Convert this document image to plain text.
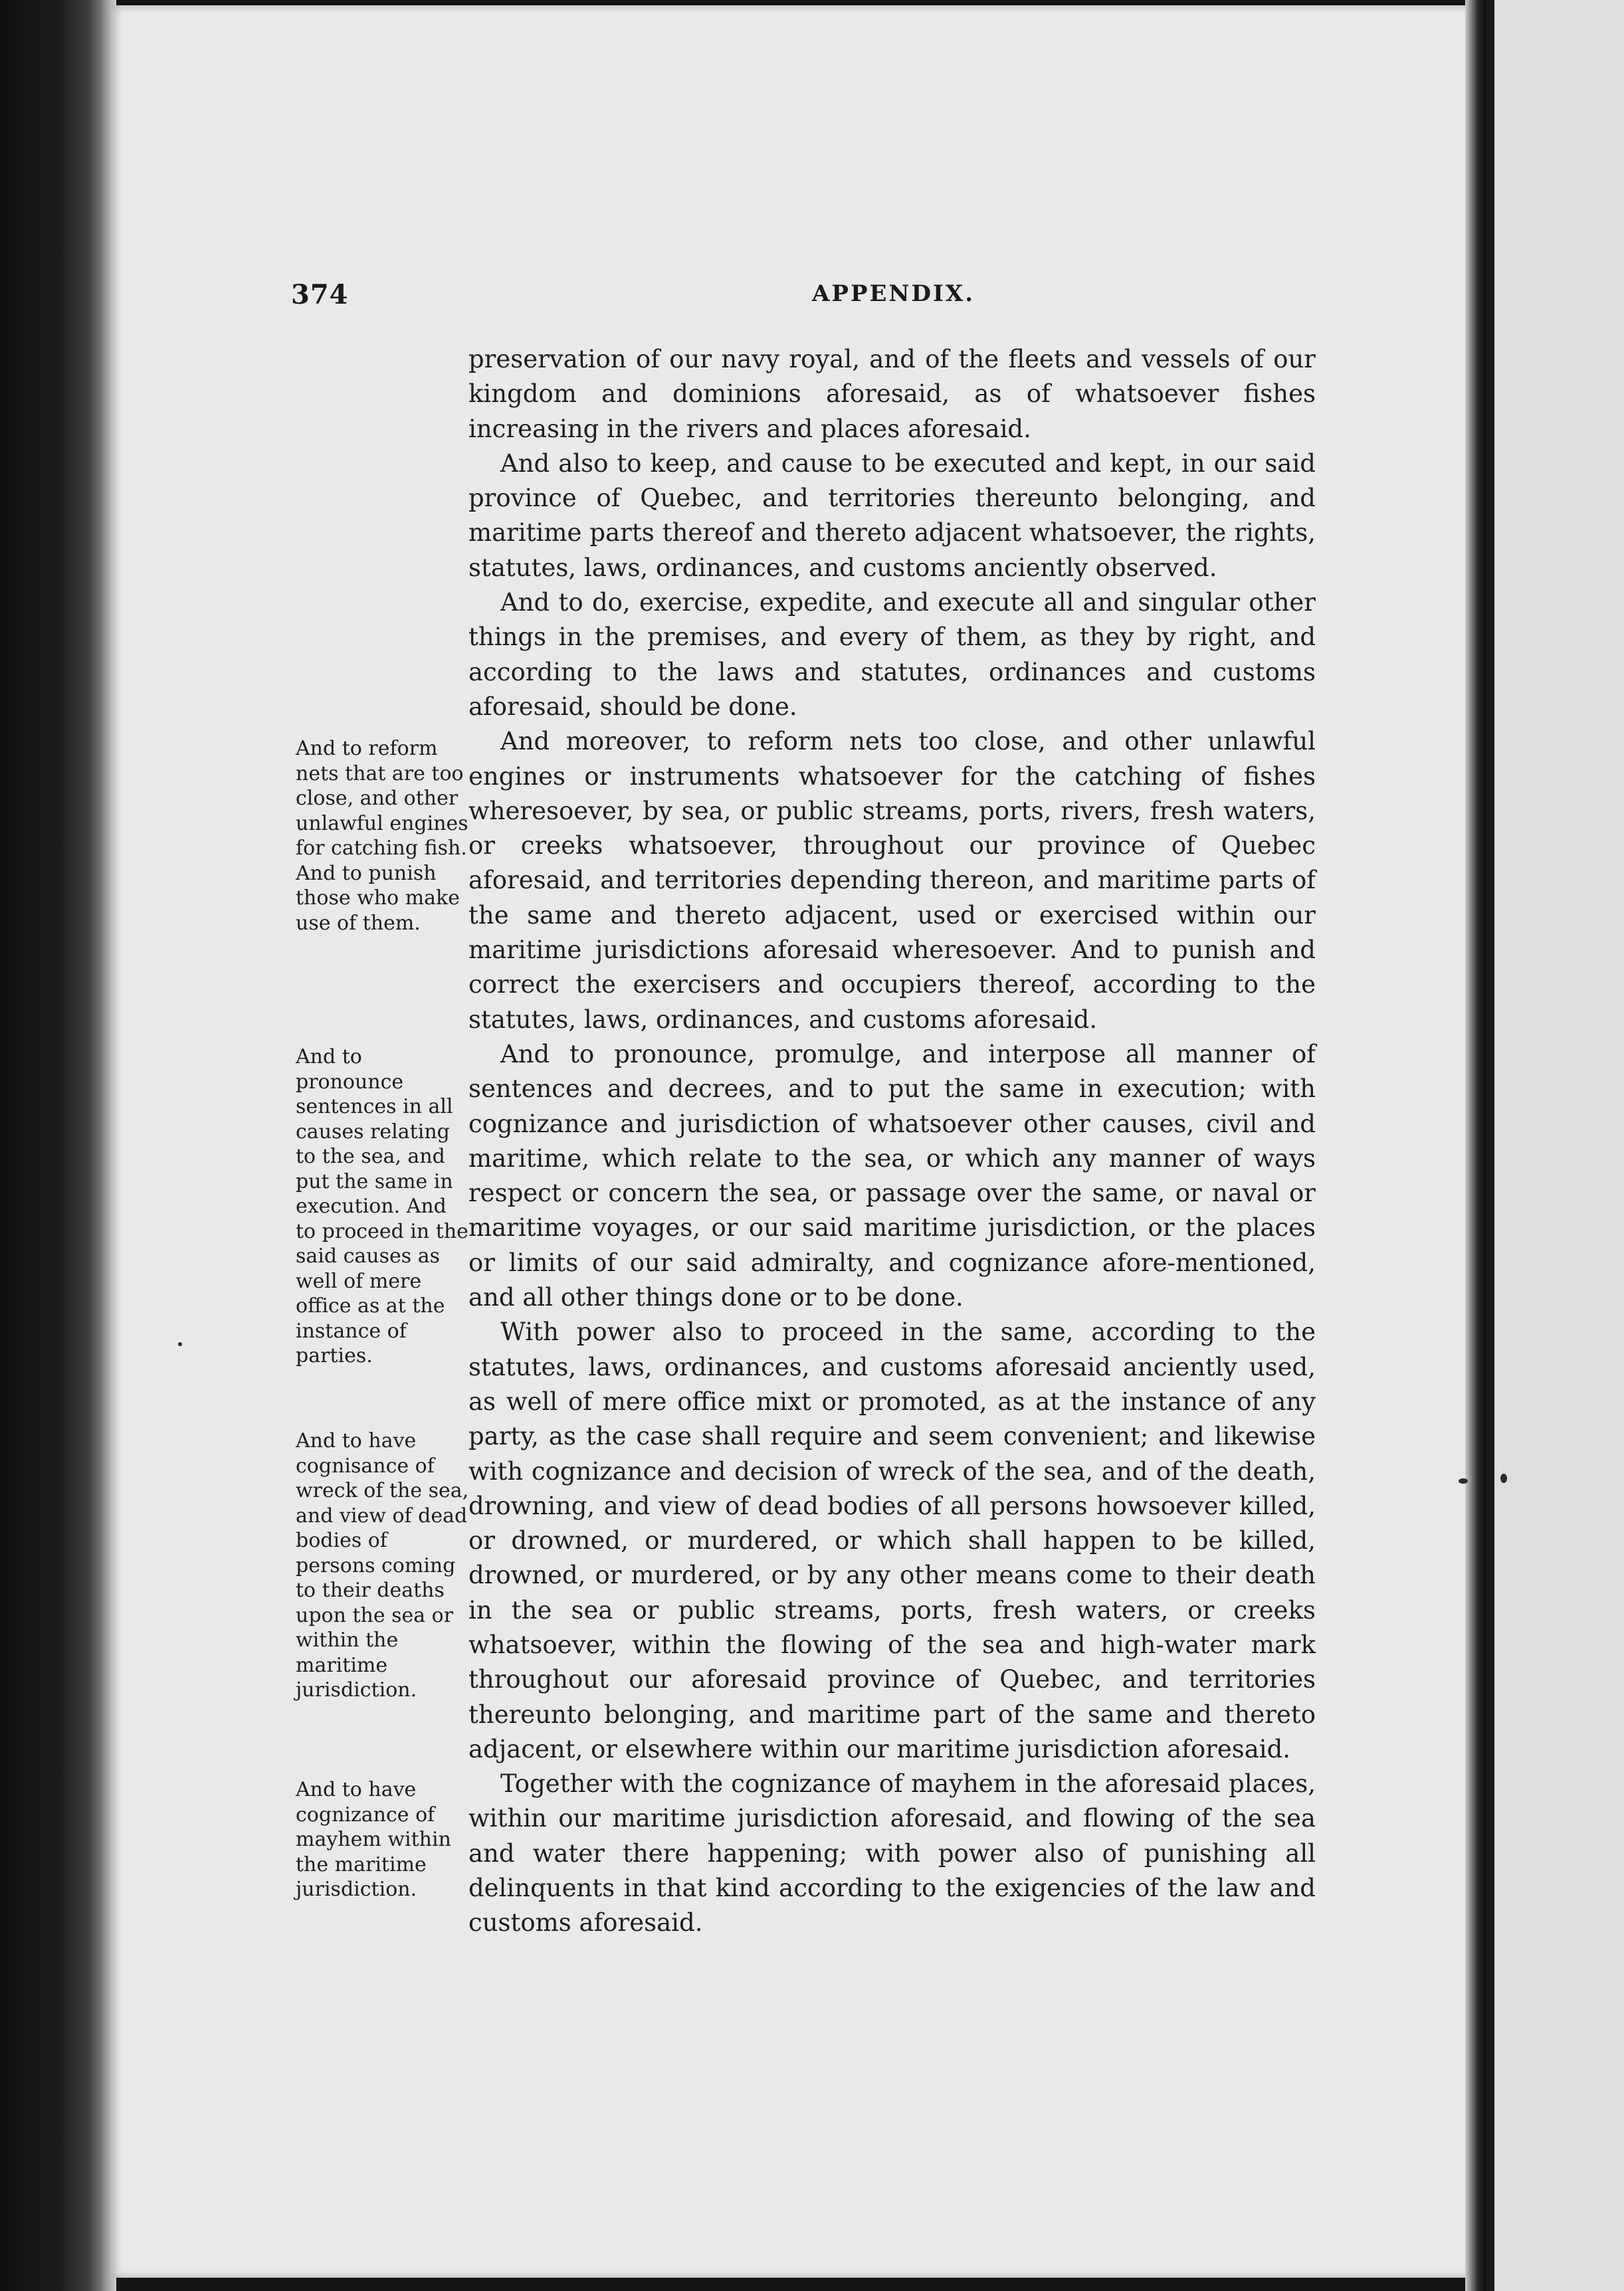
374	APPENDIX.

preservation of our navy royal, and of the fleets and vessels of our kingdom and dominions aforesaid, as of whatsoever fishes increasing in the rivers and places aforesaid.

And also to keep, and cause to be executed and kept, in our said province of Quebec, and territories thereunto belonging, and maritime parts thereof and thereto adjacent whatsoever, the rights, statutes, laws, ordinances, and customs anciently observed.

And to do, exercise, expedite, and execute all and singular other things in the premises, and every of them, as they by right, and according to the laws and statutes, ordinances and customs aforesaid, should be done.

And moreover, to reform nets too close, and other unlawful engines or instruments whatsoever for the catching of fishes wheresoever, by sea, or public streams, ports, rivers, fresh waters, or creeks whatsoever, throughout our province of Quebec aforesaid, and territories depending thereon, and maritime parts of the same and thereto adjacent, used or exercised within our maritime jurisdictions aforesaid wheresoever. And to punish and correct the exercisers and occupiers thereof, according to the statutes, laws, ordinances, and customs aforesaid.

And to pronounce, promulge, and interpose all manner of sentences and decrees, and to put the same in execution; with cognizance and jurisdiction of whatsoever other causes, civil and maritime, which relate to the sea, or which any manner of ways respect or concern the sea, or passage over the same, or naval or maritime voyages, or our said maritime jurisdiction, or the places or limits of our said admiralty, and cognizance afore-mentioned, and all other things done or to be done.

With power also to proceed in the same, according to the statutes, laws, ordinances, and customs aforesaid anciently used, as well of mere office mixt or promoted, as at the instance of any party, as the case shall require and seem convenient; and likewise with cognizance and decision of wreck of the sea, and of the death, drowning, and view of dead bodies of all persons howsoever killed, or drowned, or murdered, or which shall happen to be killed, drowned, or murdered, or by any other means come to their death in the sea or public streams, ports, fresh waters, or creeks whatsoever, within the flowing of the sea and high-water mark throughout our aforesaid province of Quebec, and territories thereunto belonging, and maritime part of the same and thereto adjacent, or elsewhere within our maritime jurisdiction aforesaid.

Together with the cognizance of mayhem in the aforesaid places, within our maritime jurisdiction aforesaid, and flowing of the sea and water there happening; with power also of punishing all delinquents in that kind according to the exigencies of the law and customs aforesaid.

And to reform nets that are too close, and other unlawful engines for catching fish. And to punish those who make use of them.

And to pronounce sentences in all causes relating to the sea, and put the same in execution. And to proceed in the said causes as well of mere office as at the instance of parties.

And to have cognisance of wreck of the sea, and view of dead bodies of persons coming to their deaths upon the sea or within the maritime jurisdiction.

And to have cognizance of mayhem within the maritime jurisdiction.
